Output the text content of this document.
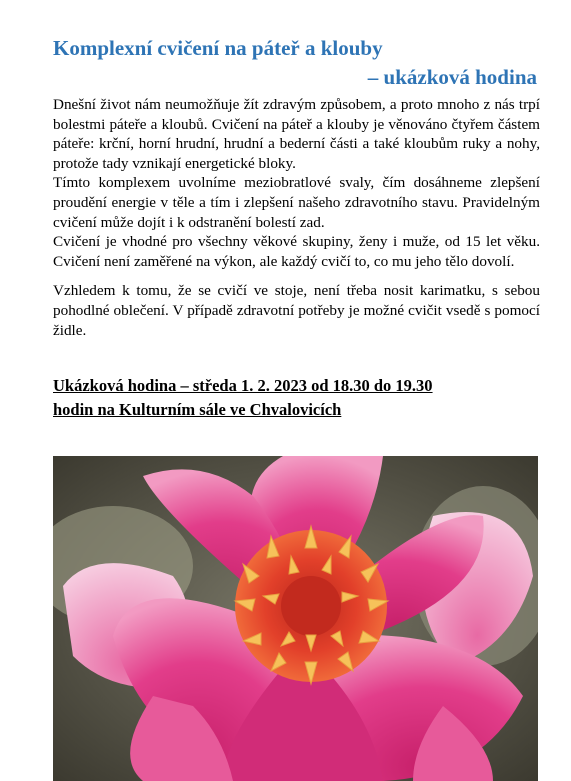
Komplexní cvičení na páteř a klouby
– ukázková hodina

Dnešní život nám neumožňuje žít zdravým způsobem, a proto mnoho z nás trpí bolestmi páteře a kloubů. Cvičení na páteř a klouby je věnováno čtyřem částem páteře: krční, horní hrudní, hrudní a bederní části a také kloubům ruky a nohy, protože tady vznikají energetické bloky.

Tímto komplexem uvolníme meziobratlové svaly, čím dosáhneme zlepšení proudění energie v těle a tím i zlepšení našeho zdravotního stavu. Pravidelným cvičení může dojít i k odstranění bolestí zad.

Cvičení je vhodné pro všechny věkové skupiny, ženy i muže, od 15 let věku. Cvičení není zaměřené na výkon, ale každý cvičí to, co mu jeho tělo dovolí.

Vzhledem k tomu, že se cvičí ve stoje, není třeba nosit karimatku, s sebou pohodlné oblečení. V případě zdravotní potřeby je možné cvičit vsedě s pomocí židle.

Ukázková hodina – středa 1. 2. 2023 od 18.30 do 19.30
hodin na Kulturním sále ve Chvalovicích
